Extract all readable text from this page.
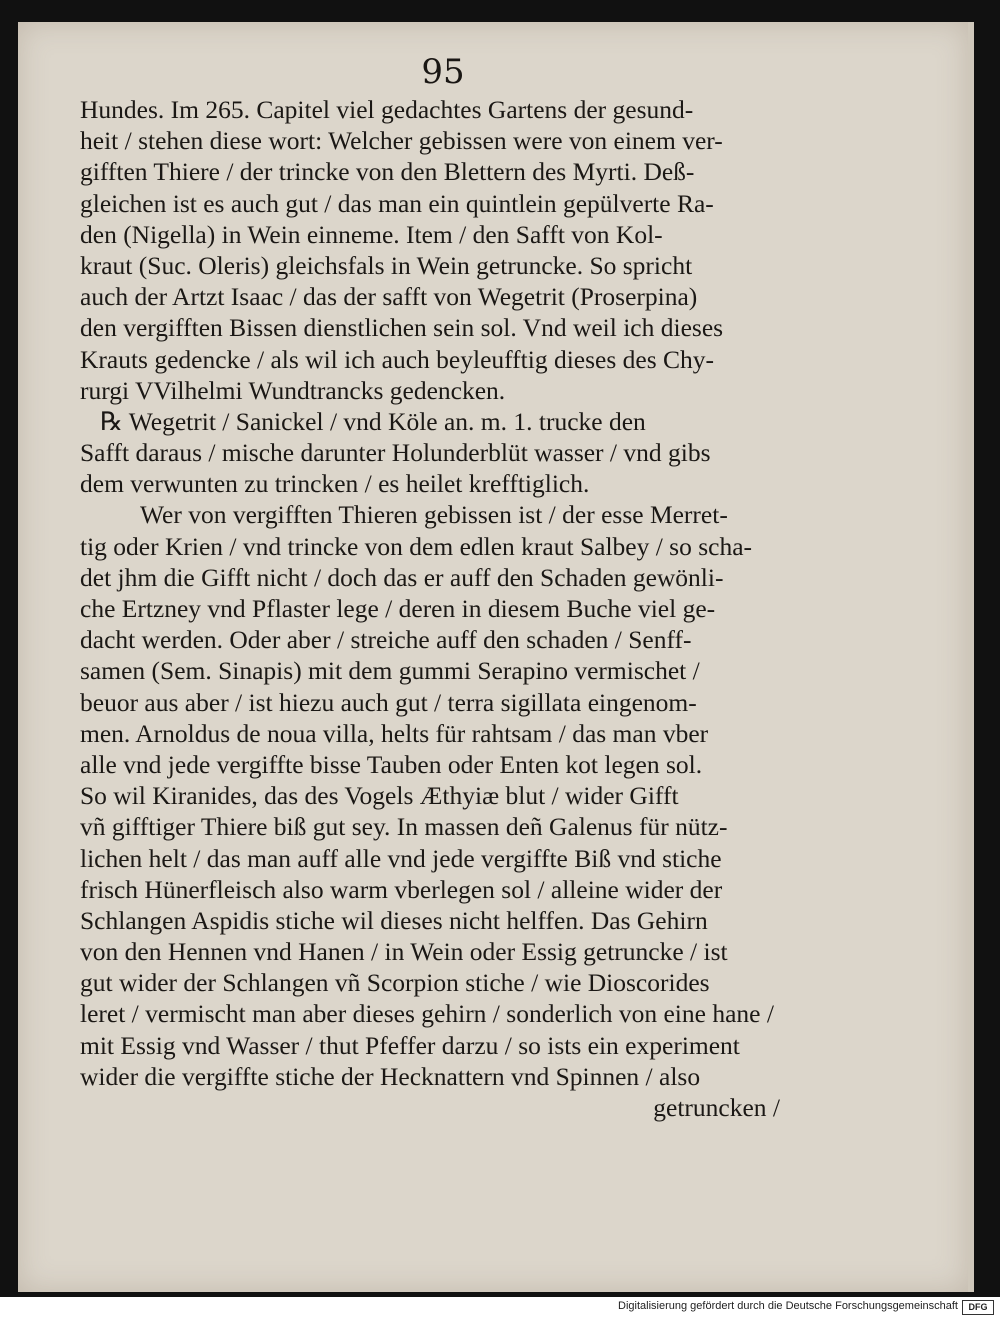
95
Hundes. Im 265. Capitel viel gedachtes Gartens der gesund-
heit / stehen diese wort: Welcher gebissen were von einem ver-
gifften Thiere / der trincke von den Blettern des Myrti. Deß-
gleichen ist es auch gut / das man ein quintlein gepülverte Ra-
den (Nigella) in Wein einneme. Item / den Safft von Kol-
kraut (Suc. Oleris) gleichsfals in Wein getruncke. So spricht
auch der Artzt Isaac / das der safft von Wegetrit (Proserpina)
den vergifften Bissen dienstlichen sein sol. Vnd weil ich dieses
Krauts gedencke / als wil ich auch beyleufftig dieses des Chy-
rurgi VVilhelmi Wundtrancks gedencken.
℞ Wegetrit / Sanickel / vnd Köle an. m. 1. trucke den
Safft daraus / mische darunter Holunderblüt wasser / vnd gibs
dem verwunten zu trincken / es heilet krefftiglich.
Wer von vergifften Thieren gebissen ist / der esse Merret-
tig oder Krien / vnd trincke von dem edlen kraut Salbey / so scha-
det jhm die Gifft nicht / doch das er auff den Schaden gewönli-
che Ertzney vnd Pflaster lege / deren in diesem Buche viel ge-
dacht werden. Oder aber / streiche auff den schaden / Senff-
samen (Sem. Sinapis) mit dem gummi Serapino vermischet /
beuor aus aber / ist hiezu auch gut / terra sigillata eingenom-
men. Arnoldus de noua villa, helts für rahtsam / das man vber
alle vnd jede vergiffte bisse Tauben oder Enten kot legen sol.
So wil Kiranides, das des Vogels Æthyiæ blut / wider Gifft
vñ gifftiger Thiere biß gut sey. In massen deñ Galenus für nütz-
lichen helt / das man auff alle vnd jede vergiffte Biß vnd stiche
frisch Hünerfleisch also warm vberlegen sol / alleine wider der
Schlangen Aspidis stiche wil dieses nicht helffen. Das Gehirn
von den Hennen vnd Hanen / in Wein oder Essig getruncke / ist
gut wider der Schlangen vñ Scorpion stiche / wie Dioscorides
leret / vermischt man aber dieses gehirn / sonderlich von eine hane /
mit Essig vnd Wasser / thut Pfeffer darzu / so ists ein experiment
wider die vergiffte stiche der Hecknattern vnd Spinnen / also
getruncken /
Digitalisierung gefördert durch die Deutsche Forschungsgemeinschaft	DFG
